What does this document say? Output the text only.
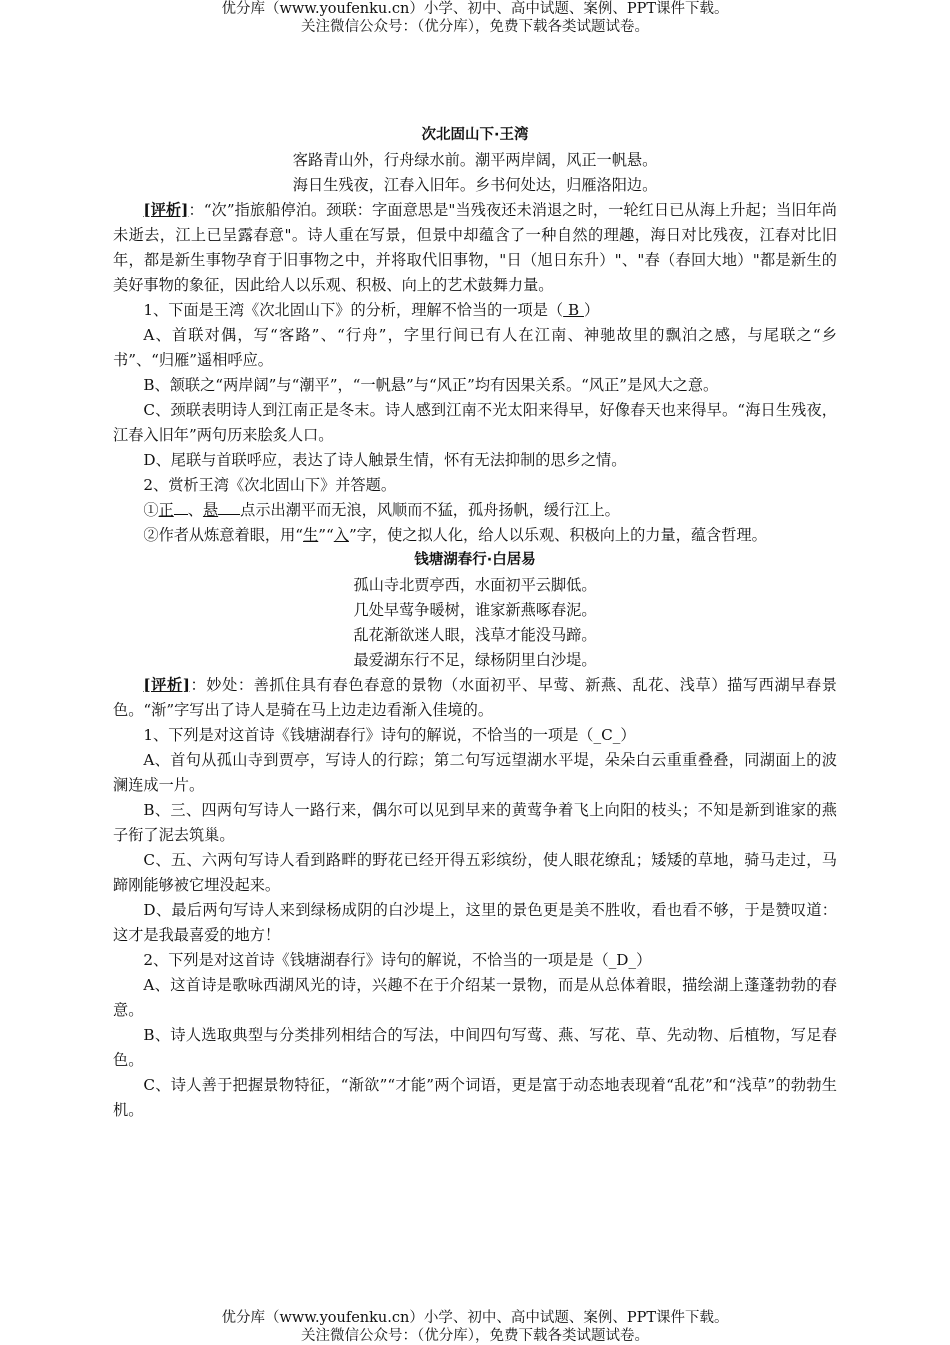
优分库（www.youfenku.cn）小学、初中、高中试题、案例、PPT课件下载。
关注微信公众号：（优分库），免费下载各类试题试卷。
次北固山下·王湾
客路青山外，行舟绿水前。潮平两岸阔，风正一帆悬。
海日生残夜，江春入旧年。乡书何处达，归雁洛阳边。
[评析]：“次”指旅船停泊。颈联：字面意思是"当残夜还未消退之时，一轮红日已从海上升起；当旧年尚未逝去，江上已呈露春意"。诗人重在写景，但景中却蕴含了一种自然的理趣，海日对比残夜，江春对比旧年，都是新生事物孕育于旧事物之中，并将取代旧事物，"日（旭日东升）"、"春（春回大地）"都是新生的美好事物的象征，因此给人以乐观、积极、向上的艺术鼓舞力量。
1、下面是王湾《次北固山下》的分析，理解不恰当的一项是（ B ）
A、首联对偶，写“客路”、“行舟”，字里行间已有人在江南、神驰故里的飘泊之感，与尾联之“乡书”、“归雁”遥相呼应。
B、颔联之“两岸阔”与“潮平”，“一帆悬”与“风正”均有因果关系。“风正”是风大之意。
C、颈联表明诗人到江南正是冬末。诗人感到江南不光太阳来得早，好像春天也来得早。“海日生残夜，江春入旧年”两句历来脍炙人口。
D、尾联与首联呼应，表达了诗人触景生情，怀有无法抑制的思乡之情。
2、赏析王湾《次北固山下》并答题。
①正 、悬 点示出潮平而无浪，风顺而不猛，孤舟扬帆，缓行江上。
②作者从炼意着眼，用“生”“入”字，使之拟人化，给人以乐观、积极向上的力量，蕴含哲理。
钱塘湖春行·白居易
孤山寺北贾亭西，水面初平云脚低。
几处早莺争暖树，谁家新燕啄春泥。
乱花渐欲迷人眼，浅草才能没马蹄。
最爱湖东行不足，绿杨阴里白沙堤。
[评析]：妙处：善抓住具有春色春意的景物（水面初平、早莺、新燕、乱花、浅草）描写西湖早春景色。“渐”字写出了诗人是骑在马上边走边看渐入佳境的。
1、下列是对这首诗《钱塘湖春行》诗句的解说，不恰当的一项是（_C_）
A、首句从孤山寺到贾亭，写诗人的行踪；第二句写远望湖水平堤，朵朵白云重重叠叠，同湖面上的波澜连成一片。
B、三、四两句写诗人一路行来，偶尔可以见到早来的黄莺争着飞上向阳的枝头；不知是新到谁家的燕子衔了泥去筑巢。
C、五、六两句写诗人看到路畔的野花已经开得五彩缤纷，使人眼花缭乱；矮矮的草地，骑马走过，马蹄刚能够被它埋没起来。
D、最后两句写诗人来到绿杨成阴的白沙堤上，这里的景色更是美不胜收，看也看不够，于是赞叹道：这才是我最喜爱的地方！
2、下列是对这首诗《钱塘湖春行》诗句的解说，不恰当的一项是是（_D_）
A、这首诗是歌咏西湖风光的诗，兴趣不在于介绍某一景物，而是从总体着眼，描绘湖上蓬蓬勃勃的春意。
B、诗人选取典型与分类排列相结合的写法，中间四句写莺、燕、写花、草、先动物、后植物，写足春色。
C、诗人善于把握景物特征，“渐欲”“才能”两个词语，更是富于动态地表现着“乱花”和“浅草”的勃勃生机。
优分库（www.youfenku.cn）小学、初中、高中试题、案例、PPT课件下载。
关注微信公众号：（优分库），免费下载各类试题试卷。
